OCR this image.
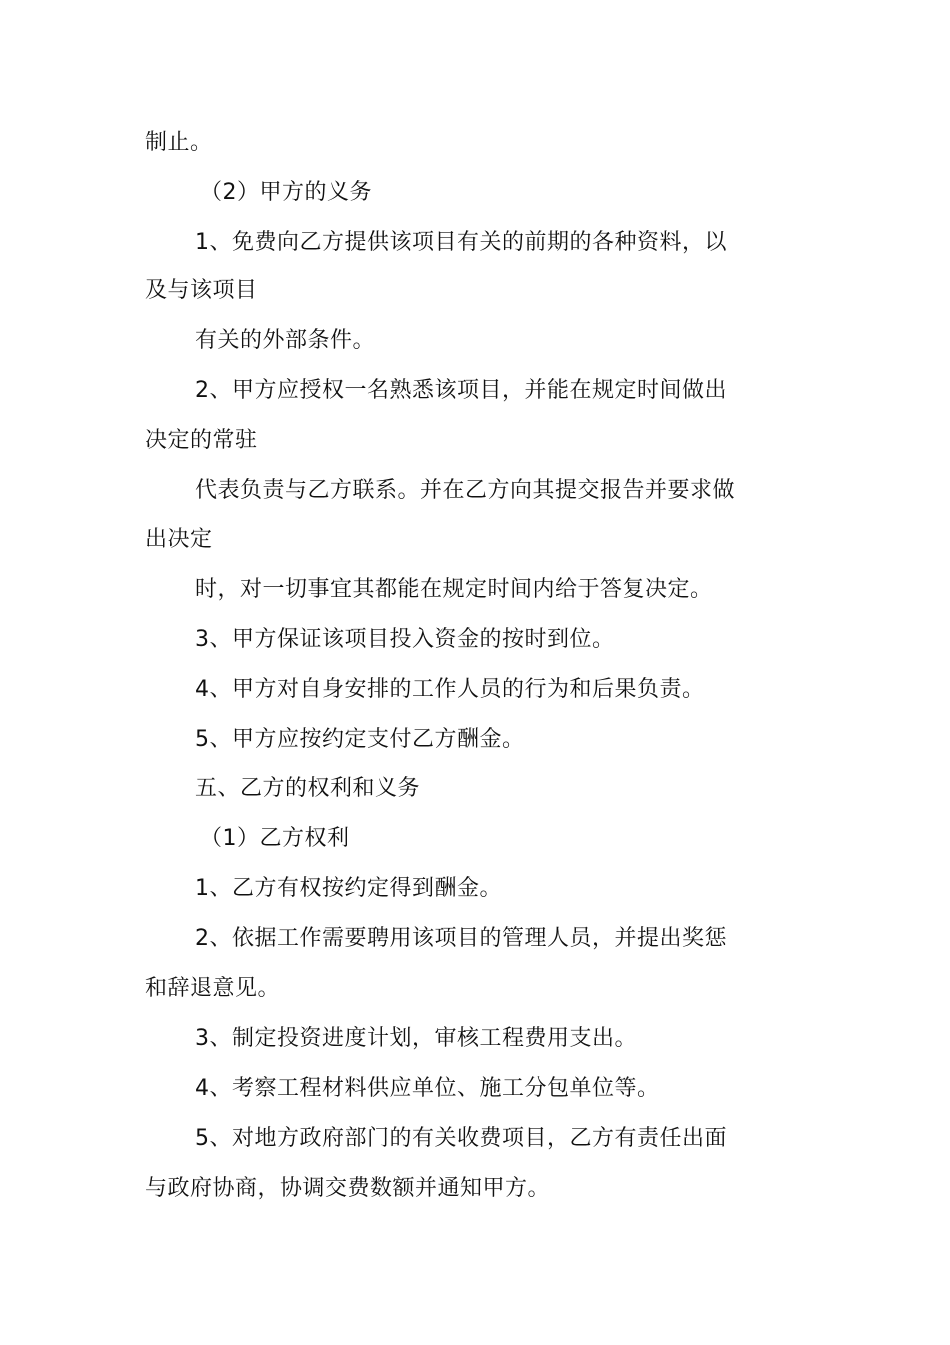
制止。
（2）甲方的义务
1、免费向乙方提供该项目有关的前期的各种资料，以
及与该项目
有关的外部条件。
2、甲方应授权一名熟悉该项目，并能在规定时间做出
决定的常驻
代表负责与乙方联系。并在乙方向其提交报告并要求做
出决定
时，对一切事宜其都能在规定时间内给于答复决定。
3、甲方保证该项目投入资金的按时到位。
4、甲方对自身安排的工作人员的行为和后果负责。
5、甲方应按约定支付乙方酬金。
五、乙方的权利和义务
（1）乙方权利
1、乙方有权按约定得到酬金。
2、依据工作需要聘用该项目的管理人员，并提出奖惩
和辞退意见。
3、制定投资进度计划，审核工程费用支出。
4、考察工程材料供应单位、施工分包单位等。
5、对地方政府部门的有关收费项目，乙方有责任出面
与政府协商，协调交费数额并通知甲方。
